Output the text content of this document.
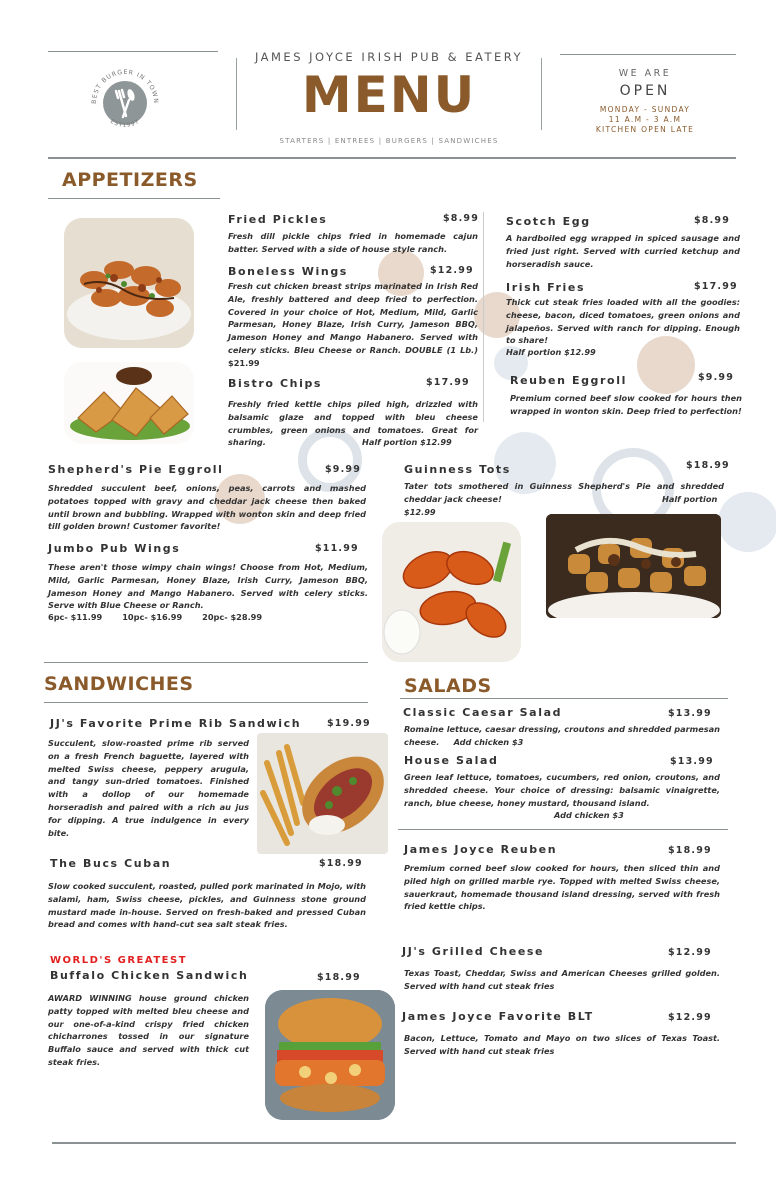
BEST BURGER IN TOWN
EST1997
JAMES JOYCE IRISH PUB & EATERY
MENU
STARTERS | ENTREES | BURGERS | SANDWICHES
WE ARE
OPEN
MONDAY - SUNDAY
11 A.M - 3 A.M
KITCHEN OPEN LATE
APPETIZERS
Fried Pickles	$8.99
Fresh dill pickle chips fried in homemade cajun batter. Served with a side of house style ranch.
Boneless Wings	$12.99
Fresh cut chicken breast strips marinated in Irish Red Ale, freshly battered and deep fried to perfection. Covered in your choice of Hot, Medium, Mild, Garlic Parmesan, Honey Blaze, Irish Curry, Jameson BBQ, Jameson Honey and Mango Habanero. Served with celery sticks. Bleu Cheese or Ranch. DOUBLE (1 Lb.) $21.99
Bistro Chips	$17.99
Freshly fried kettle chips piled high, drizzled with balsamic glaze and topped with bleu cheese crumbles, green onions and tomatoes. Great for sharing.	Half portion $12.99
Scotch Egg	$8.99
A hardboiled egg wrapped in spiced sausage and fried just right. Served with curried ketchup and horseradish sauce.
Irish Fries	$17.99
Thick cut steak fries loaded with all the goodies: cheese, bacon, diced tomatoes, green onions and jalapeños. Served with ranch for dipping. Enough to share!
Half portion $12.99
Reuben Eggroll	$9.99
Premium corned beef slow cooked for hours then wrapped in wonton skin. Deep fried to perfection!
Shepherd's Pie Eggroll	$9.99
Shredded succulent beef, onions, peas, carrots and mashed potatoes topped with gravy and cheddar jack cheese then baked until brown and bubbling. Wrapped with wonton skin and deep fried till golden brown! Customer favorite!
Jumbo Pub Wings	$11.99
These aren't those wimpy chain wings! Choose from Hot, Medium, Mild, Garlic Parmesan, Honey Blaze, Irish Curry, Jameson BBQ, Jameson Honey and Mango Habanero. Served with celery sticks. Serve with Blue Cheese or Ranch.
6pc- $11.99 10pc- $16.99 20pc- $28.99
Guinness Tots	$18.99
Tater tots smothered in Guinness Shepherd's Pie and shredded cheddar jack cheese!	Half portion
$12.99
SANDWICHES
JJ's Favorite Prime Rib Sandwich	$19.99
Succulent, slow-roasted prime rib served on a fresh French baguette, layered with melted Swiss cheese, peppery arugula, and tangy sun-dried tomatoes. Finished with a dollop of our homemade horseradish and paired with a rich au jus for dipping. A true indulgence in every bite.
The Bucs Cuban	$18.99
Slow cooked succulent, roasted, pulled pork marinated in Mojo, with salami, ham, Swiss cheese, pickles, and Guinness stone ground mustard made in-house. Served on fresh-baked and pressed Cuban bread and comes with hand-cut sea salt steak fries.
WORLD'S GREATEST
Buffalo Chicken Sandwich	$18.99
AWARD WINNING house ground chicken patty topped with melted bleu cheese and our one-of-a-kind crispy fried chicken chicharrones tossed in our signature Buffalo sauce and served with thick cut steak fries.
SALADS
Classic Caesar Salad	$13.99
Romaine lettuce, caesar dressing, croutons and shredded parmesan cheese. Add chicken $3
House Salad	$13.99
Green leaf lettuce, tomatoes, cucumbers, red onion, croutons, and shredded cheese. Your choice of dressing: balsamic vinaigrette, ranch, blue cheese, honey mustard, thousand island.
Add chicken $3
James Joyce Reuben	$18.99
Premium corned beef slow cooked for hours, then sliced thin and piled high on grilled marble rye. Topped with melted Swiss cheese, sauerkraut, homemade thousand island dressing, served with fresh fried kettle chips.
JJ's Grilled Cheese	$12.99
Texas Toast, Cheddar, Swiss and American Cheeses grilled golden. Served with hand cut steak fries
James Joyce Favorite BLT	$12.99
Bacon, Lettuce, Tomato and Mayo on two slices of Texas Toast. Served with hand cut steak fries
